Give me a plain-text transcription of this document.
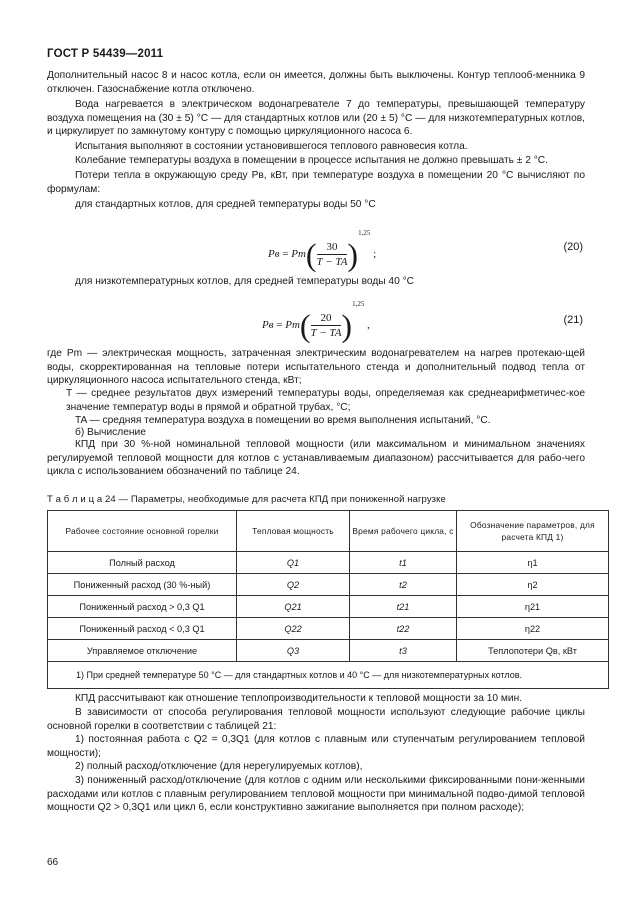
ГОСТ Р 54439—2011

Дополнительный насос 8 и насос котла, если он имеется, должны быть выключены. Контур теплооб-менника 9 отключен. Газоснабжение котла отключено.

Вода нагревается в электрическом водонагревателе 7 до температуры, превышающей температуру воздуха помещения на (30 ± 5) °С — для стандартных котлов или (20 ± 5) °С — для низкотемпературных котлов, и циркулирует по замкнутому контуру с помощью циркуляционного насоса 6.

Испытания выполняют в состоянии установившегося теплового равновесия котла.

Колебание температуры воздуха в помещении в процессе испытания не должно превышать ± 2 °С.

Потери тепла в окружающую среду Pв, кВт, при температуре воздуха в помещении 20 °С вычисляют по формулам:

для стандартных котлов, для средней температуры воды 50 °С

Pв = $Pm( \frac{30}{T - TA} )^{1,25}$ ;
(20)

для низкотемпературных котлов, для средней температуры воды 40 °С

Pв = $Pm( \frac{20}{T - TA} )^{1,25}$ ,	(21)

где Pm — электрическая мощность, затраченная электрическим водонагревателем на нагрев протекаю-щей воды, скорректированная на тепловые потери испытательного стенда и дополнительный подвод тепла от циркуляционного насоса испытательного стенда, кВт;

T — среднее результатов двух измерений температуры воды, определяемая как среднеарифметичес-кое значение температур воды в прямой и обратной трубах, °С;

TA — средняя температура воздуха в помещении во время выполнения испытаний, °С.

б) Вычисление

КПД при 30 %-ной номинальной тепловой мощности (или максимальном и минимальном значениях регулируемой тепловой мощности для котлов с устанавливаемым диапазоном) рассчитывается для рабо-чего цикла с использованием обозначений по таблице 24.

Т а б л и ц а 24 — Параметры, необходимые для расчета КПД при пониженной нагрузке
Рабочее состояние основной горелки	Тепловая мощность	Время рабочего цикла, с	Обозначение параметров, для расчета КПД 1)
Полный расход	Q1	t1	η1
Пониженный расход (30 %-ный)	Q2	t2	η2
Пониженный расход > 0,3 Q1	Q21	t21	η21
Пониженный расход < 0,3 Q1	Q22	t22	η22
Управляемое отключение	Q3	t3	Теплопотери Qв, кВт
1) При средней температуре 50 °С — для стандартных котлов и 40 °С — для низкотемпературных котлов.			

КПД рассчитывают как отношение теплопроизводительности к тепловой мощности за 10 мин.

В зависимости от способа регулирования тепловой мощности используют следующие рабочие циклы основной горелки в соответствии с таблицей 21:

1) постоянная работа с Q2 = 0,3Q1 (для котлов с плавным или ступенчатым регулированием тепловой мощности);

2) полный расход/отключение (для нерегулируемых котлов),

3) пониженный расход/отключение (для котлов с одним или несколькими фиксированными пони-женными расходами или котлов с плавным регулированием тепловой мощности при минимальной подво-димой тепловой мощности Q2 > 0,3Q1 или цикл 6, если конструктивно зажигание выполняется при полном расходе);

66
